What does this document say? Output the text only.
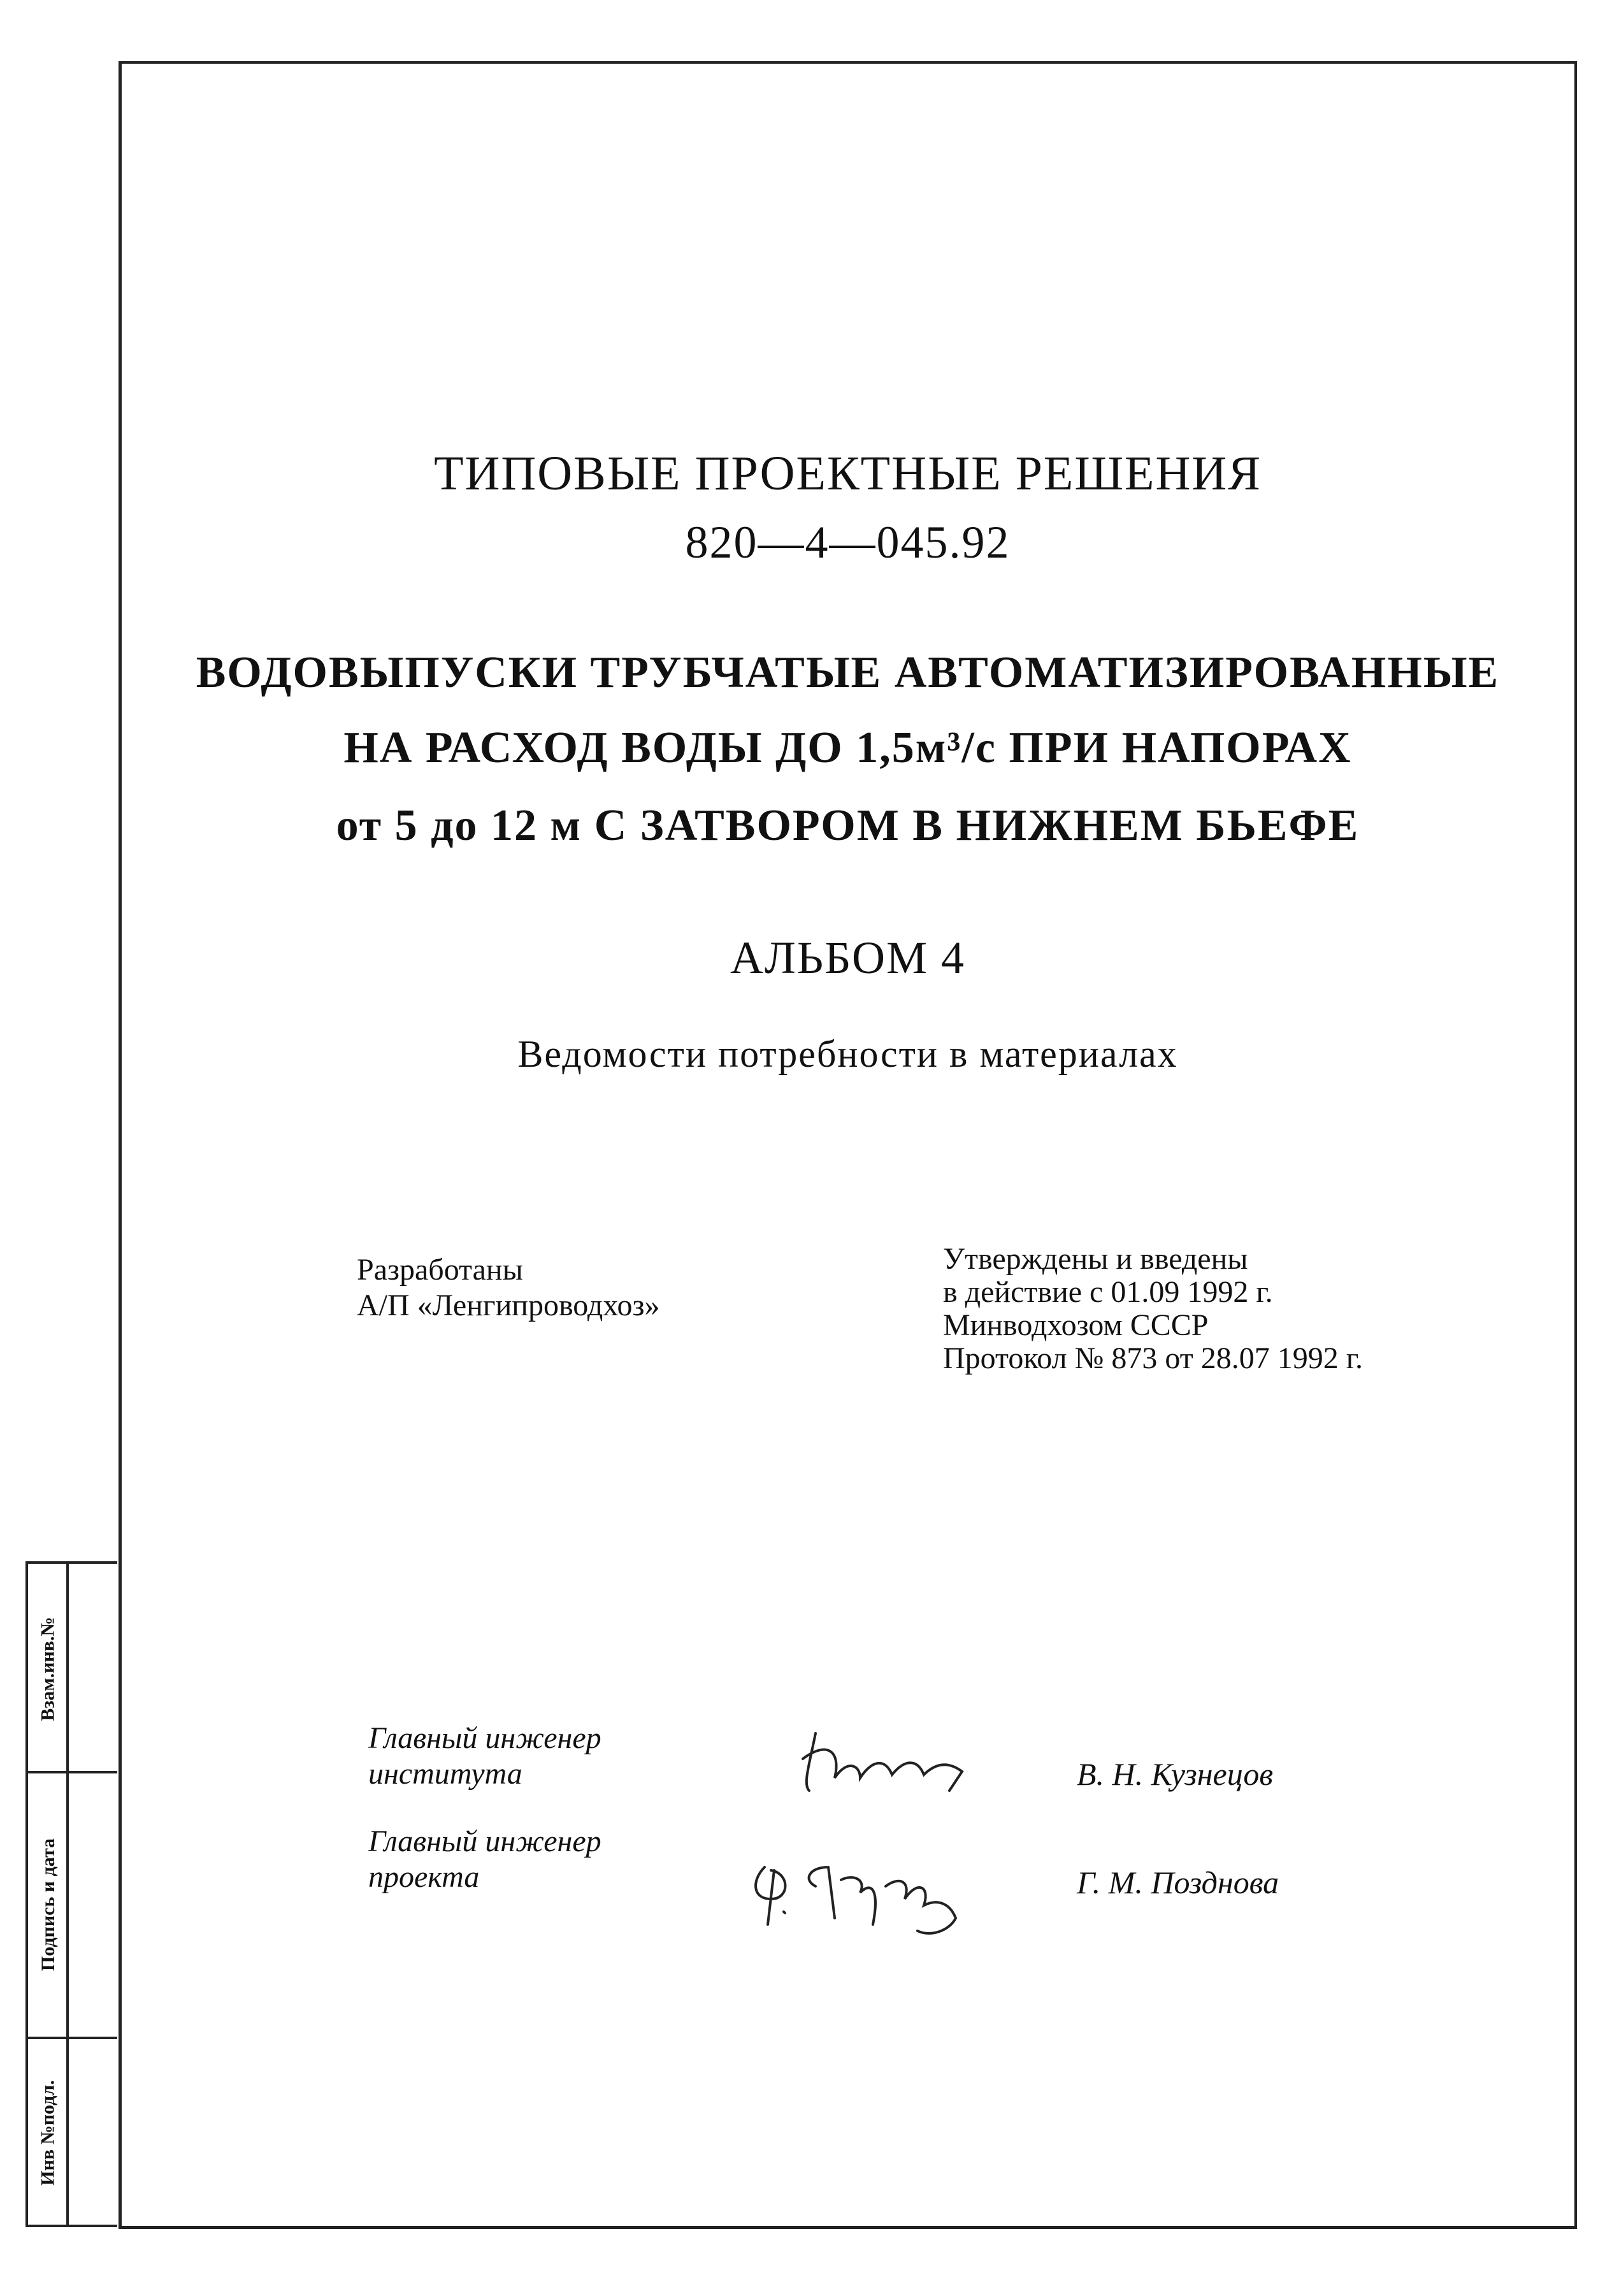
ТИПОВЫЕ ПРОЕКТНЫЕ РЕШЕНИЯ
820—4—045.92
ВОДОВЫПУСКИ ТРУБЧАТЫЕ АВТОМАТИЗИРОВАННЫЕ
НА РАСХОД ВОДЫ ДО 1,5м³/с ПРИ НАПОРАХ
от 5 до 12 м С ЗАТВОРОМ В НИЖНЕМ БЬЕФЕ
АЛЬБОМ 4
Ведомости потребности в материалах
Разработаны
А/П «Ленгипроводхоз»
Утверждены и введены
в действие с 01.09 1992 г.
Минводхозом СССР
Протокол № 873 от 28.07 1992 г.
Главный инженер
института	В. Н. Кузнецов
Главный инженер
проекта	Г. М. Позднова
Взам.инв.№
Подпись и дата
Инв №подл.
